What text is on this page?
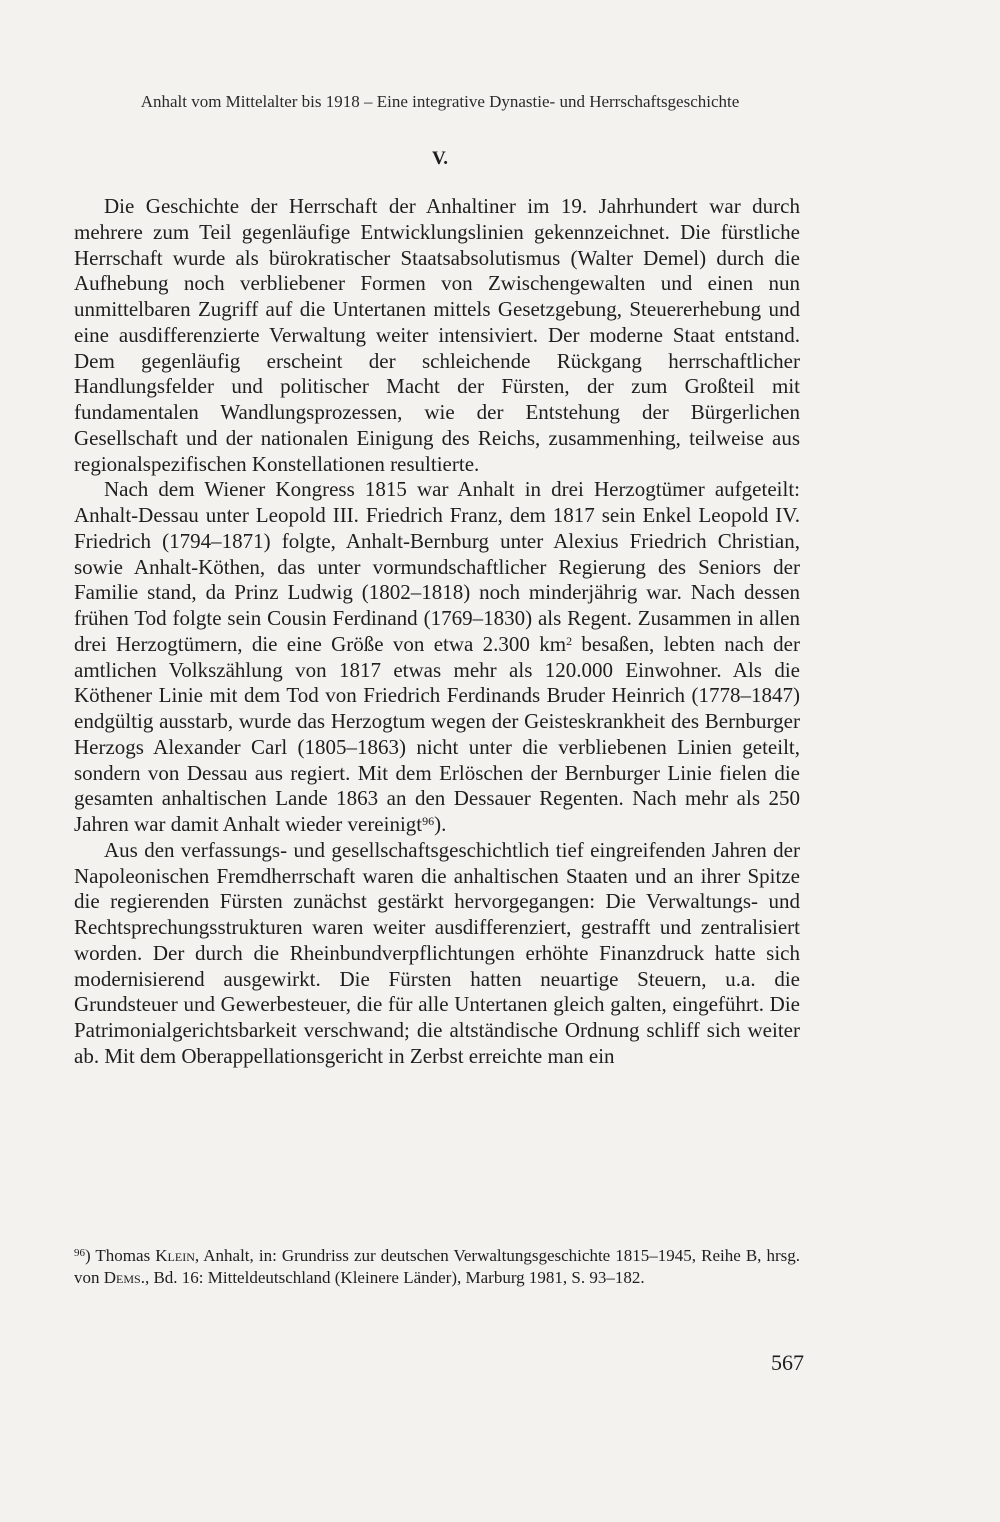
Anhalt vom Mittelalter bis 1918 – Eine integrative Dynastie- und Herrschaftsgeschichte
V.

Die Geschichte der Herrschaft der Anhaltiner im 19. Jahrhundert war durch mehrere zum Teil gegenläufige Entwicklungslinien gekennzeichnet. Die fürstliche Herrschaft wurde als bürokratischer Staatsabsolutismus (Walter Demel) durch die Aufhebung noch verbliebener Formen von Zwischengewalten und einen nun unmittelbaren Zugriff auf die Untertanen mittels Gesetzgebung, Steuererhebung und eine ausdifferenzierte Verwaltung weiter intensiviert. Der moderne Staat entstand. Dem gegenläufig erscheint der schleichende Rückgang herrschaftlicher Handlungsfelder und politischer Macht der Fürsten, der zum Großteil mit fundamentalen Wandlungsprozessen, wie der Entstehung der Bürgerlichen Gesellschaft und der nationalen Einigung des Reichs, zusammenhing, teilweise aus regionalspezifischen Konstellationen resultierte.

Nach dem Wiener Kongress 1815 war Anhalt in drei Herzogtümer aufgeteilt: Anhalt-Dessau unter Leopold III. Friedrich Franz, dem 1817 sein Enkel Leopold IV. Friedrich (1794–1871) folgte, Anhalt-Bernburg unter Alexius Friedrich Christian, sowie Anhalt-Köthen, das unter vormundschaftlicher Regierung des Seniors der Familie stand, da Prinz Ludwig (1802–1818) noch minderjährig war. Nach dessen frühen Tod folgte sein Cousin Ferdinand (1769–1830) als Regent. Zusammen in allen drei Herzogtümern, die eine Größe von etwa 2.300 $km^2$ besaßen, lebten nach der amtlichen Volkszählung von 1817 etwas mehr als 120.000 Einwohner. Als die Köthener Linie mit dem Tod von Friedrich Ferdinands Bruder Heinrich (1778–1847) endgültig ausstarb, wurde das Herzogtum wegen der Geisteskrankheit des Bernburger Herzogs Alexander Carl (1805–1863) nicht unter die verbliebenen Linien geteilt, sondern von Dessau aus regiert. Mit dem Erlöschen der Bernburger Linie fielen die gesamten anhaltischen Lande 1863 an den Dessauer Regenten. Nach mehr als 250 Jahren war damit Anhalt wieder vereinigt$^{96}$).

Aus den verfassungs- und gesellschaftsgeschichtlich tief eingreifenden Jahren der Napoleonischen Fremdherrschaft waren die anhaltischen Staaten und an ihrer Spitze die regierenden Fürsten zunächst gestärkt hervorgegangen: Die Verwaltungs- und Rechtsprechungsstrukturen waren weiter ausdifferenziert, gestrafft und zentralisiert worden. Der durch die Rheinbundverpflichtungen erhöhte Finanzdruck hatte sich modernisierend ausgewirkt. Die Fürsten hatten neuartige Steuern, u.a. die Grundsteuer und Gewerbesteuer, die für alle Untertanen gleich galten, eingeführt. Die Patrimonialgerichtsbarkeit verschwand; die altständische Ordnung schliff sich weiter ab. Mit dem Oberappellationsgericht in Zerbst erreichte man ein

$^{96}$) Thomas Klein, Anhalt, in: Grundriss zur deutschen Verwaltungsgeschichte 1815–1945, Reihe B, hrsg. von Dems., Bd. 16: Mitteldeutschland (Kleinere Länder), Marburg 1981, S. 93–182.
567
